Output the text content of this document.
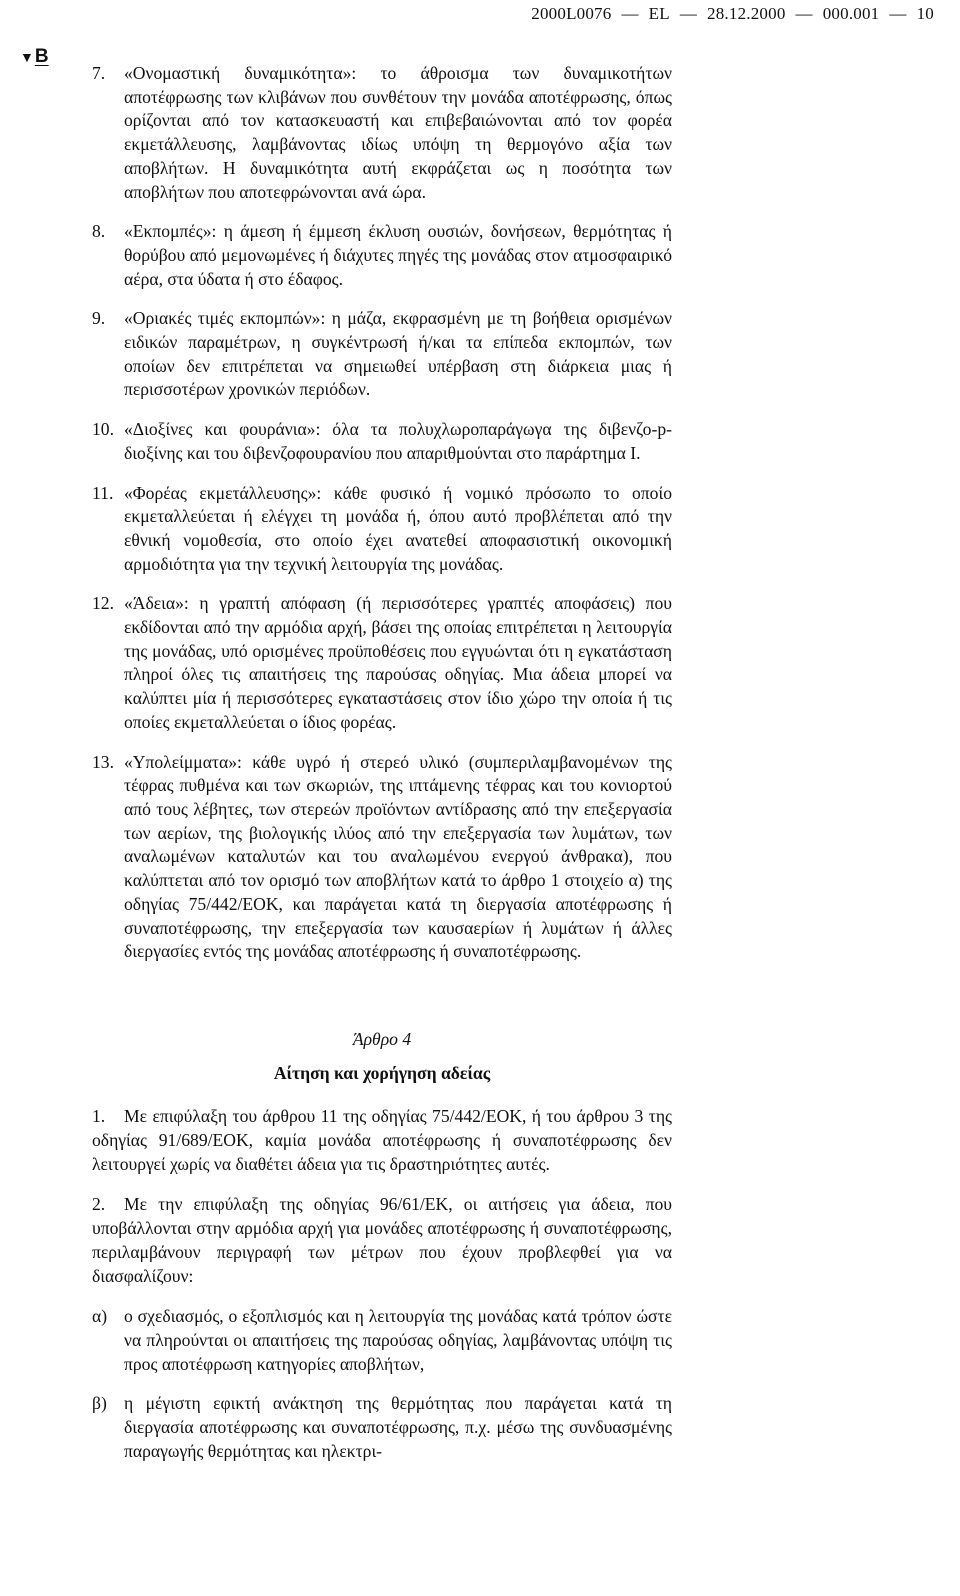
2000L0076 — EL — 28.12.2000 — 000.001 — 10
▼B

7. «Ονομαστική δυναμικότητα»: το άθροισμα των δυναμικοτήτων αποτέφρωσης των κλιβάνων που συνθέτουν την μονάδα αποτέφρωσης, όπως ορίζονται από τον κατασκευαστή και επιβεβαιώνονται από τον φορέα εκμετάλλευσης, λαμβάνοντας ιδίως υπόψη τη θερμογόνο αξία των αποβλήτων. Η δυναμικότητα αυτή εκφράζεται ως η ποσότητα των αποβλήτων που αποτεφρώνονται ανά ώρα.

8. «Εκπομπές»: η άμεση ή έμμεση έκλυση ουσιών, δονήσεων, θερμότητας ή θορύβου από μεμονωμένες ή διάχυτες πηγές της μονάδας στον ατμοσφαιρικό αέρα, στα ύδατα ή στο έδαφος.

9. «Οριακές τιμές εκπομπών»: η μάζα, εκφρασμένη με τη βοήθεια ορισμένων ειδικών παραμέτρων, η συγκέντρωσή ή/και τα επίπεδα εκπομπών, των οποίων δεν επιτρέπεται να σημειωθεί υπέρβαση στη διάρκεια μιας ή περισσοτέρων χρονικών περιόδων.

10. «Διοξίνες και φουράνια»: όλα τα πολυχλωροπαράγωγα της διβενζο-p-διοξίνης και του διβενζοφουρανίου που απαριθμούνται στο παράρτημα Ι.

11. «Φορέας εκμετάλλευσης»: κάθε φυσικό ή νομικό πρόσωπο το οποίο εκμεταλλεύεται ή ελέγχει τη μονάδα ή, όπου αυτό προβλέπεται από την εθνική νομοθεσία, στο οποίο έχει ανατεθεί αποφασιστική οικονομική αρμοδιότητα για την τεχνική λειτουργία της μονάδας.

12. «Άδεια»: η γραπτή απόφαση (ή περισσότερες γραπτές αποφάσεις) που εκδίδονται από την αρμόδια αρχή, βάσει της οποίας επιτρέπεται η λειτουργία της μονάδας, υπό ορισμένες προϋποθέσεις που εγγυώνται ότι η εγκατάσταση πληροί όλες τις απαιτήσεις της παρούσας οδηγίας. Μια άδεια μπορεί να καλύπτει μία ή περισσότερες εγκαταστάσεις στον ίδιο χώρο την οποία ή τις οποίες εκμεταλλεύεται ο ίδιος φορέας.

13. «Υπολείμματα»: κάθε υγρό ή στερεό υλικό (συμπεριλαμβανομένων της τέφρας πυθμένα και των σκωριών, της ιπτάμενης τέφρας και του κονιορτού από τους λέβητες, των στερεών προϊόντων αντίδρασης από την επεξεργασία των αερίων, της βιολογικής ιλύος από την επεξεργασία των λυμάτων, των αναλωμένων καταλυτών και του αναλωμένου ενεργού άνθρακα), που καλύπτεται από τον ορισμό των αποβλήτων κατά το άρθρο 1 στοιχείο α) της οδηγίας 75/442/ΕΟΚ, και παράγεται κατά τη διεργασία αποτέφρωσης ή συναποτέφρωσης, την επεξεργασία των καυσαερίων ή λυμάτων ή άλλες διεργασίες εντός της μονάδας αποτέφρωσης ή συναποτέφρωσης.

Άρθρο 4
Αίτηση και χορήγηση αδείας

1. Με επιφύλαξη του άρθρου 11 της οδηγίας 75/442/ΕΟΚ, ή του άρθρου 3 της οδηγίας 91/689/ΕΟΚ, καμία μονάδα αποτέφρωσης ή συναποτέφρωσης δεν λειτουργεί χωρίς να διαθέτει άδεια για τις δραστηριότητες αυτές.

2. Με την επιφύλαξη της οδηγίας 96/61/ΕΚ, οι αιτήσεις για άδεια, που υποβάλλονται στην αρμόδια αρχή για μονάδες αποτέφρωσης ή συναποτέφρωσης, περιλαμβάνουν περιγραφή των μέτρων που έχουν προβλεφθεί για να διασφαλίζουν:

α) ο σχεδιασμός, ο εξοπλισμός και η λειτουργία της μονάδας κατά τρόπον ώστε να πληρούνται οι απαιτήσεις της παρούσας οδηγίας, λαμβάνοντας υπόψη τις προς αποτέφρωση κατηγορίες αποβλήτων,

β) η μέγιστη εφικτή ανάκτηση της θερμότητας που παράγεται κατά τη διεργασία αποτέφρωσης και συναποτέφρωσης, π.χ. μέσω της συνδυασμένης παραγωγής θερμότητας και ηλεκτρι-
